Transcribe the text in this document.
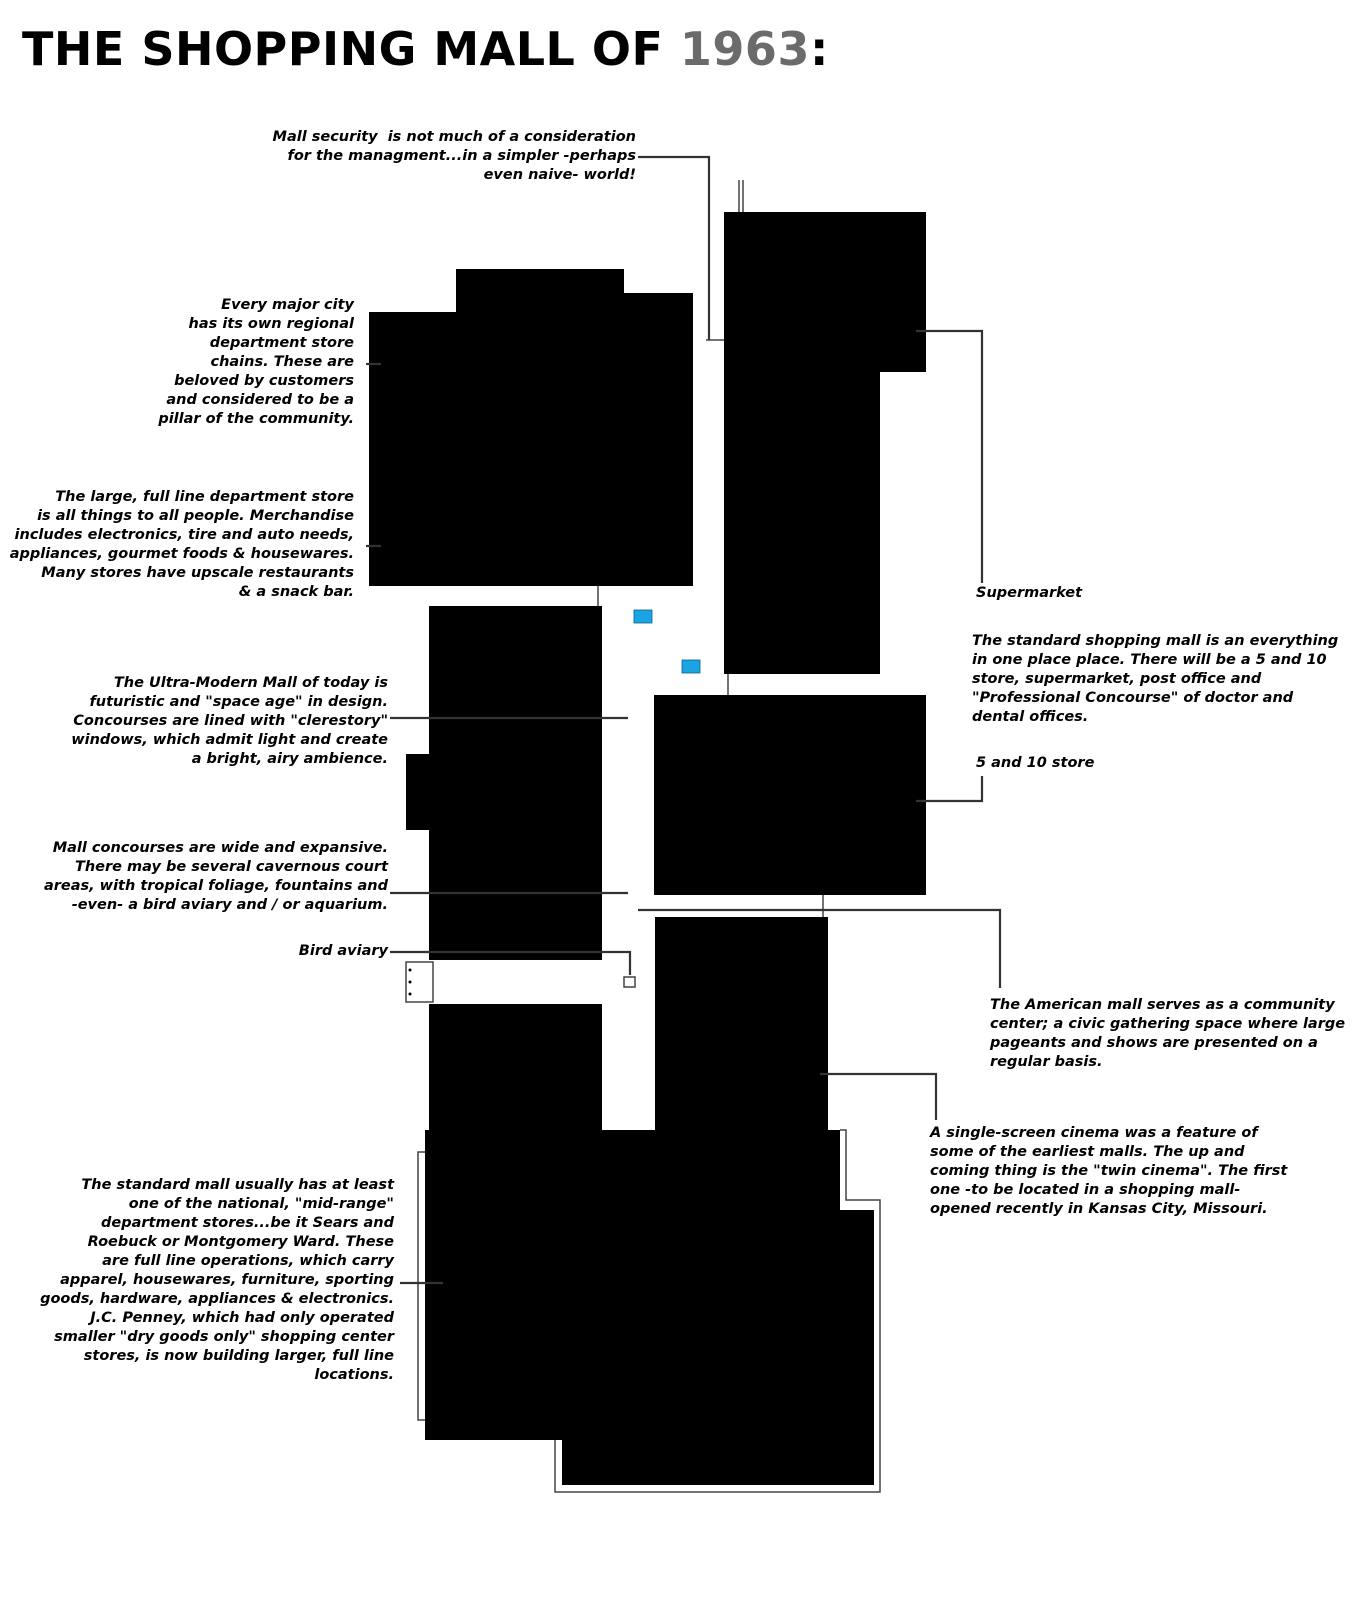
THE SHOPPING MALL OF 1963:
Mall security  is not much of a consideration
for the managment...in a simpler -perhaps
even naive- world!
Every major city
has its own regional
department store
chains. These are
beloved by customers
and considered to be a
pillar of the community.
The large, full line department store
is all things to all people. Merchandise
includes electronics, tire and auto needs,
appliances, gourmet foods & housewares.
Many stores have upscale restaurants
& a snack bar.
The Ultra-Modern Mall of today is
futuristic and "space age" in design.
Concourses are lined with "clerestory"
windows, which admit light and create
a bright, airy ambience.
Mall concourses are wide and expansive.
There may be several cavernous court
areas, with tropical foliage, fountains and
-even- a bird aviary and / or aquarium.
Bird aviary
The standard mall usually has at least
one of the national, "mid-range"
department stores...be it Sears and
Roebuck or Montgomery Ward. These
are full line operations, which carry
apparel, housewares, furniture, sporting
goods, hardware, appliances & electronics.
J.C. Penney, which had only operated
smaller "dry goods only" shopping center
stores, is now building larger, full line
locations.
Supermarket
The standard shopping mall is an everything
in one place place. There will be a 5 and 10
store, supermarket, post office and
"Professional Concourse" of doctor and
dental offices.
5 and 10 store
The American mall serves as a community
center; a civic gathering space where large
pageants and shows are presented on a
regular basis.
A single-screen cinema was a feature of
some of the earliest malls. The up and
coming thing is the "twin cinema". The first
one -to be located in a shopping mall-
opened recently in Kansas City, Missouri.
